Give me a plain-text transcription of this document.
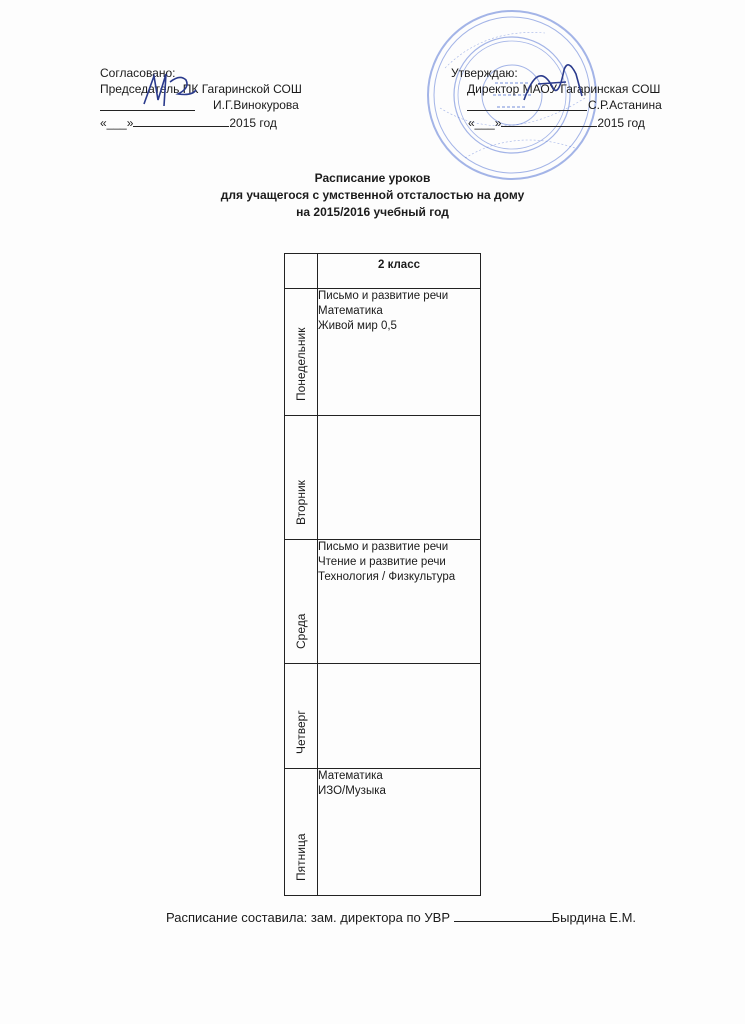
Согласовано:
Председатель ПК Гагаринской СОШ
И.Г.Винокурова
«___»	2015 год
Утверждаю:
Директор МАОУ Гагаринская СОШ
С.Р.Астанина
«___»	2015 год
Расписание уроков
для учащегося с умственной отсталостью на дому
на 2015/2016 учебный год
	2 класс

Понедельник	Письмо и развитие речи
Математика
Живой мир 0,5

Вторник	

Среда	Письмо и развитие речи
Чтение и развитие речи
Технология / Физкультура

Четверг	

Пятница	Математика
ИЗО/Музыка
Расписание составила: зам. директора по УВР	Бырдина Е.М.
